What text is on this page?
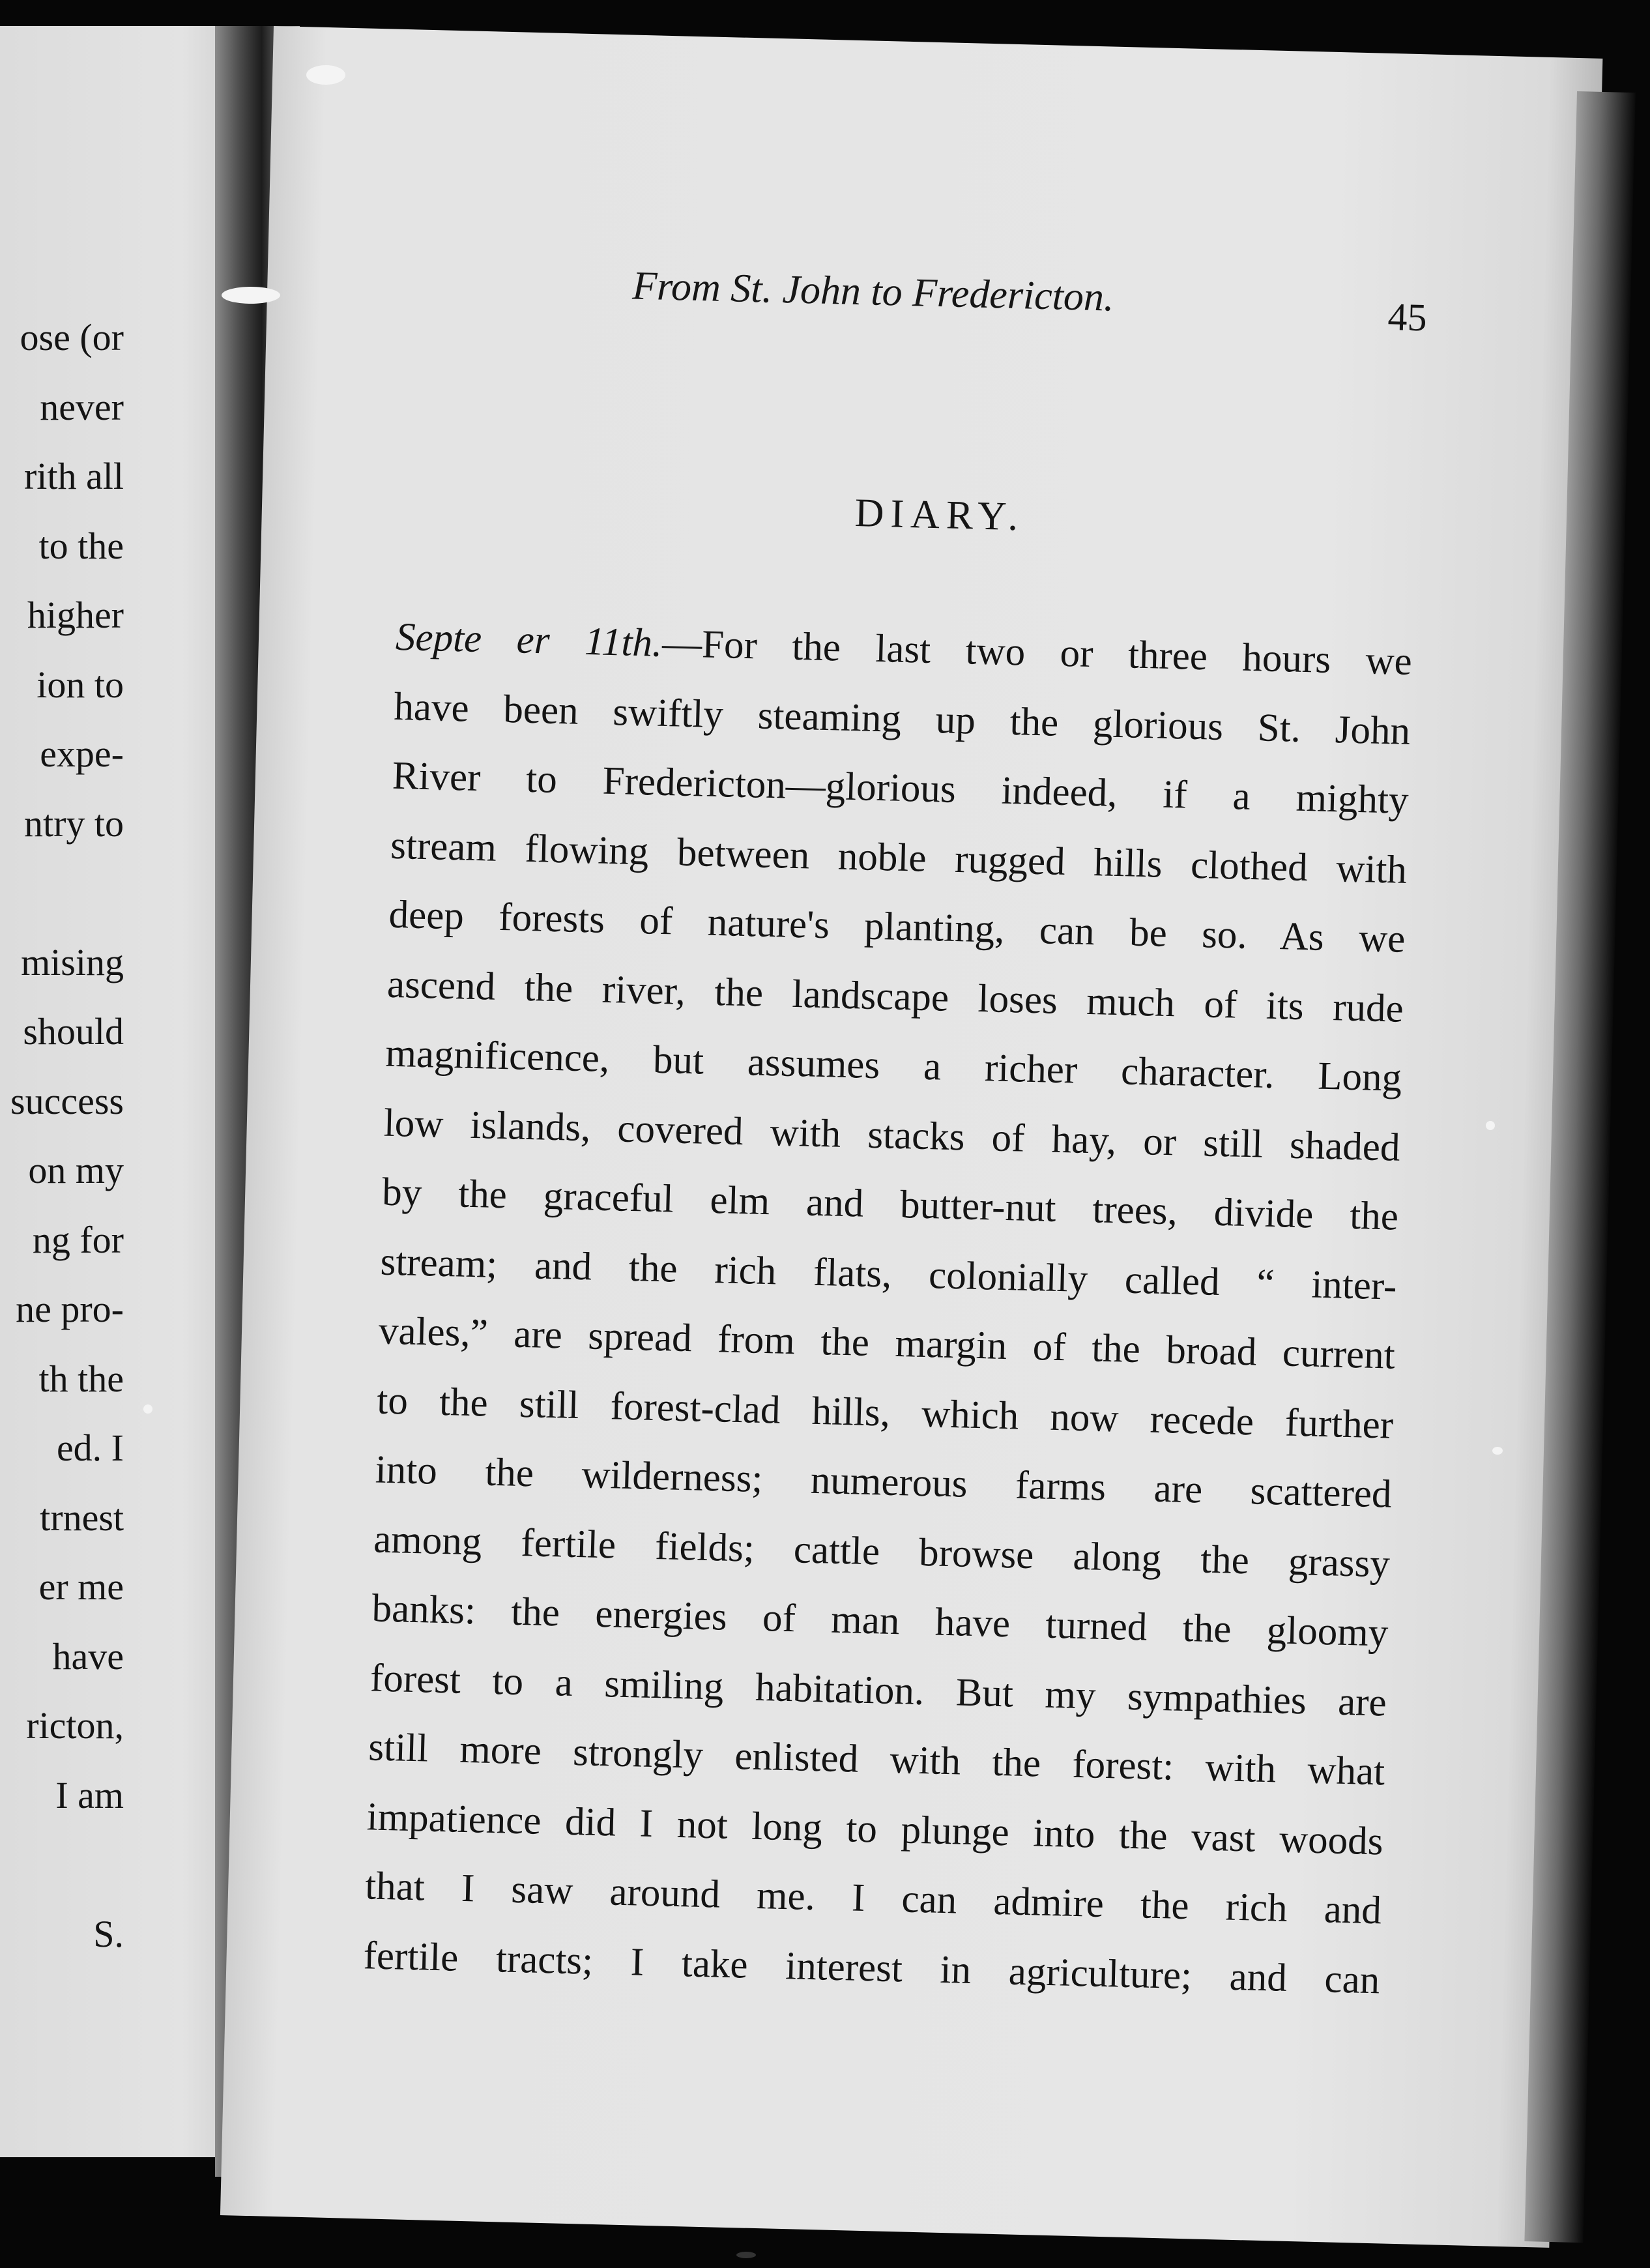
ose (or
never
rith all
to the
higher
ion to
expe-
ntry to
mising
should
success
on my
ng for
ne pro-
th the
ed. I
trnest
er me
have
ricton,
I am
S.
From St. John to Fredericton.	45
DIARY.
Septe er 11th.—For the last two or three hours we
have been swiftly steaming up the glorious St. John
River to Fredericton—glorious indeed, if a mighty
stream flowing between noble rugged hills clothed with
deep forests of nature's planting, can be so. As we
ascend the river, the landscape loses much of its rude
magnificence, but assumes a richer character. Long
low islands, covered with stacks of hay, or still shaded
by the graceful elm and butter-nut trees, divide the
stream; and the rich flats, colonially called “ inter-
vales,” are spread from the margin of the broad current
to the still forest-clad hills, which now recede further
into the wilderness; numerous farms are scattered
among fertile fields; cattle browse along the grassy
banks: the energies of man have turned the gloomy
forest to a smiling habitation. But my sympathies are
still more strongly enlisted with the forest: with what
impatience did I not long to plunge into the vast woods
that I saw around me. I can admire the rich and
fertile tracts; I take interest in agriculture; and can
